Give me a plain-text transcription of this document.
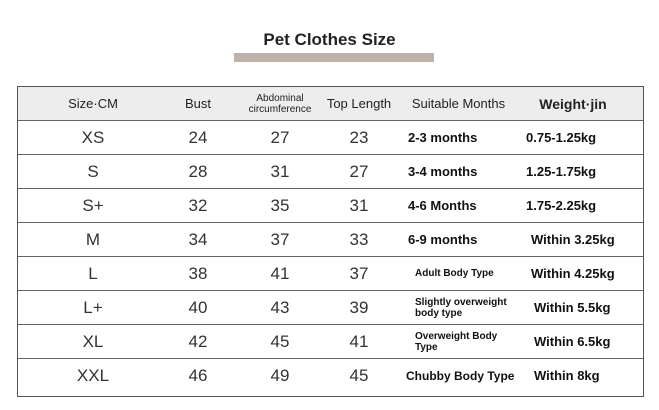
Pet Clothes Size
Size·CM	Bust	Abdominal circumference	Top Length	Suitable Months	Weight·jin
XS	24	27	23	2-3 months	0.75-1.25kg
S	28	31	27	3-4 months	1.25-1.75kg
S+	32	35	31	4-6 Months	1.75-2.25kg
M	34	37	33	6-9 months	Within 3.25kg
L	38	41	37	Adult Body Type	Within 4.25kg
L+	40	43	39	Slightly overweight body type	Within 5.5kg
XL	42	45	41	Overweight Body Type	Within 6.5kg
XXL	46	49	45	Chubby Body Type	Within 8kg
